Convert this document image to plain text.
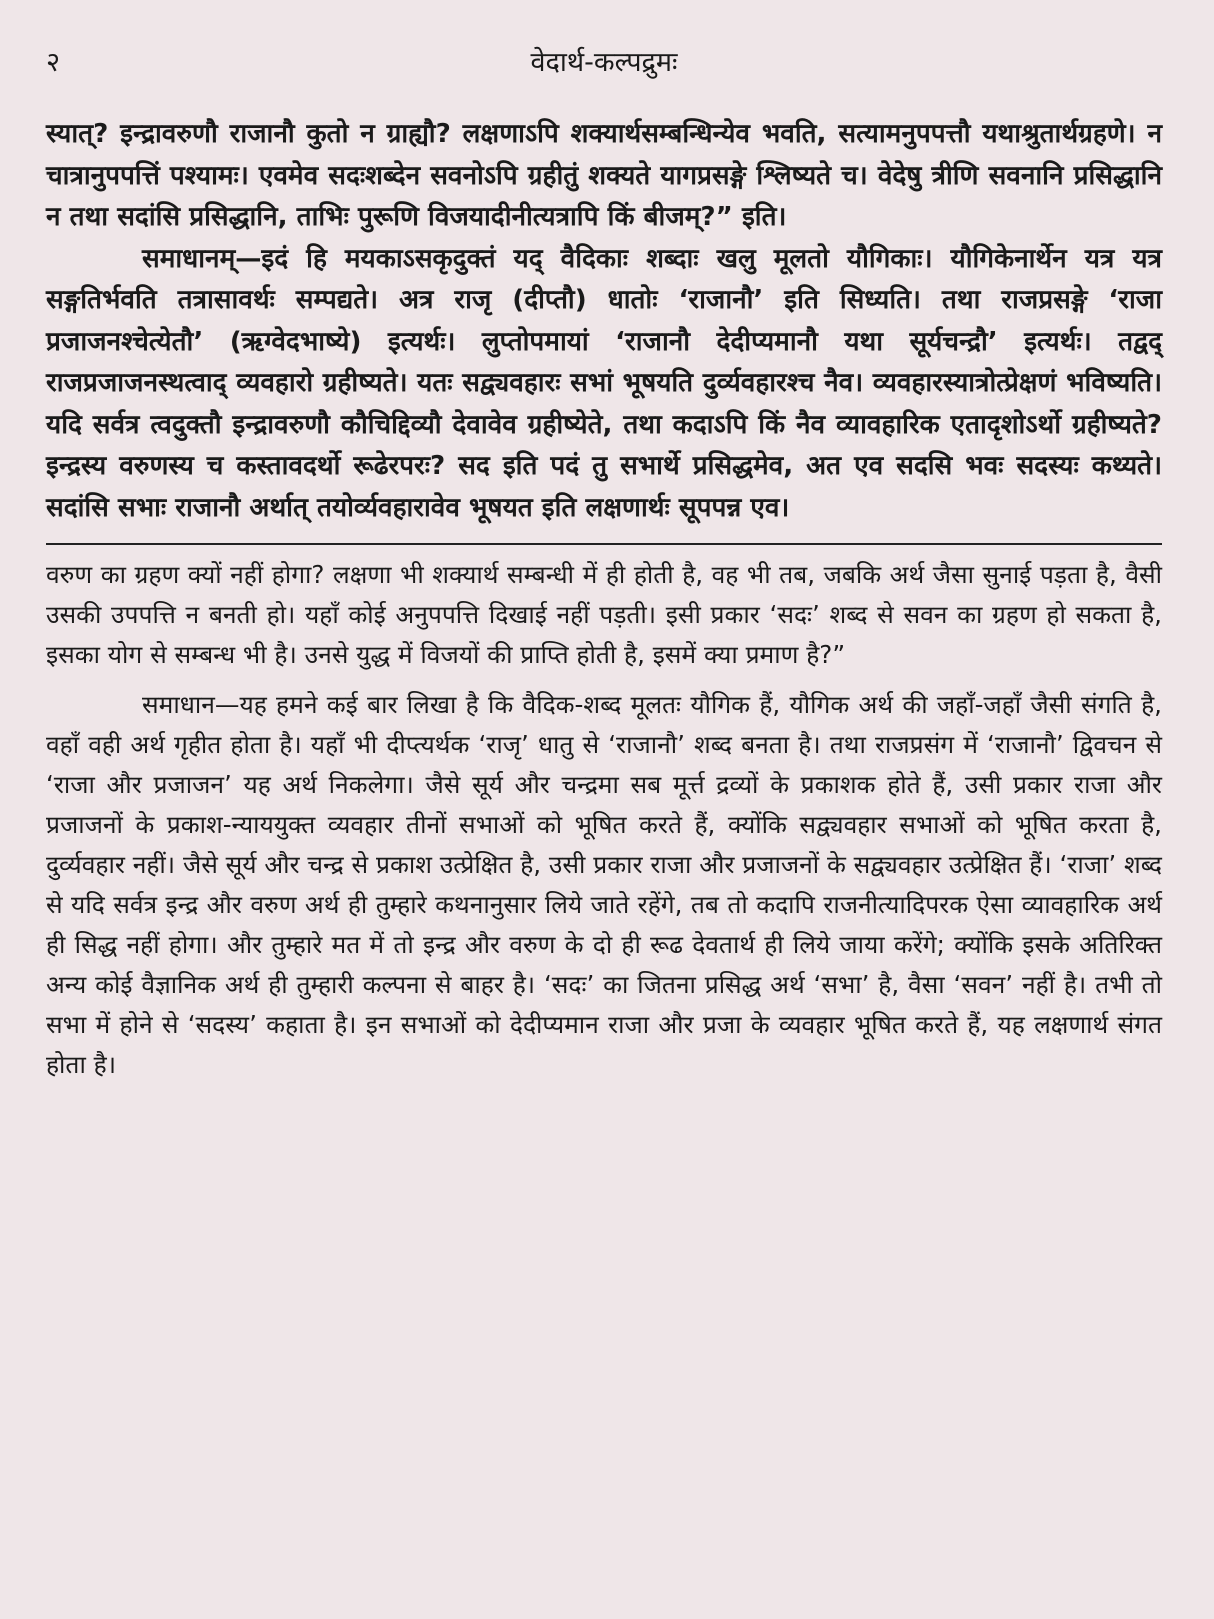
२	वेदार्थ-कल्पद्रुमः

स्यात्? इन्द्रावरुणौ राजानौ कुतो न ग्राह्यौ? लक्षणाऽपि शक्यार्थसम्बन्धिन्येव भवति, सत्यामनुपपत्तौ यथाश्रुतार्थग्रहणे। न चात्रानुपपत्तिं पश्यामः। एवमेव सदःशब्देन सवनोऽपि ग्रहीतुं शक्यते यागप्रसङ्गे श्लिष्यते च। वेदेषु त्रीणि सवनानि प्रसिद्धानि न तथा सदांसि प्रसिद्धानि, ताभिः पुरूणि विजयादीनीत्यत्रापि किं बीजम्?” इति।

समाधानम्—इदं हि मयकाऽसकृदुक्तं यद् वैदिकाः शब्दाः खलु मूलतो यौगिकाः। यौगिकेनार्थेन यत्र यत्र सङ्गतिर्भवति तत्रासावर्थः सम्पद्यते। अत्र राजृ (दीप्तौ) धातोः ‘राजानौ’ इति सिध्यति। तथा राजप्रसङ्गे ‘राजा प्रजाजनश्चेत्येतौ’ (ऋग्वेदभाष्ये) इत्यर्थः। लुप्तोपमायां ‘राजानौ देदीप्यमानौ यथा सूर्यचन्द्रौ’ इत्यर्थः। तद्वद् राजप्रजाजनस्थत्वाद् व्यवहारो ग्रहीष्यते। यतः सद्व्यवहारः सभां भूषयति दुर्व्यवहारश्च नैव। व्यवहारस्यात्रोत्प्रेक्षणं भविष्यति। यदि सर्वत्र त्वदुक्तौ इन्द्रावरुणौ कौचिद्दिव्यौ देवावेव ग्रहीष्येते, तथा कदाऽपि किं नैव व्यावहारिक एतादृशोऽर्थो ग्रहीष्यते? इन्द्रस्य वरुणस्य च कस्तावदर्थो रूढेरपरः? सद इति पदं तु सभार्थे प्रसिद्धमेव, अत एव सदसि भवः सदस्यः कथ्यते। सदांसि सभाः राजानौ अर्थात् तयोर्व्यवहारावेव भूषयत इति लक्षणार्थः सूपपन्न एव।

वरुण का ग्रहण क्यों नहीं होगा? लक्षणा भी शक्यार्थ सम्बन्धी में ही होती है, वह भी तब, जबकि अर्थ जैसा सुनाई पड़ता है, वैसी उसकी उपपत्ति न बनती हो। यहाँ कोई अनुपपत्ति दिखाई नहीं पड़ती। इसी प्रकार ‘सदः’ शब्द से सवन का ग्रहण हो सकता है, इसका योग से सम्बन्ध भी है। उनसे युद्ध में विजयों की प्राप्ति होती है, इसमें क्या प्रमाण है?”

समाधान—यह हमने कई बार लिखा है कि वैदिक-शब्द मूलतः यौगिक हैं, यौगिक अर्थ की जहाँ-जहाँ जैसी संगति है, वहाँ वही अर्थ गृहीत होता है। यहाँ भी दीप्त्यर्थक ‘राजृ’ धातु से ‘राजानौ’ शब्द बनता है। तथा राजप्रसंग में ‘राजानौ’ द्विवचन से ‘राजा और प्रजाजन’ यह अर्थ निकलेगा। जैसे सूर्य और चन्द्रमा सब मूर्त्त द्रव्यों के प्रकाशक होते हैं, उसी प्रकार राजा और प्रजाजनों के प्रकाश-न्याययुक्त व्यवहार तीनों सभाओं को भूषित करते हैं, क्योंकि सद्व्यवहार सभाओं को भूषित करता है, दुर्व्यवहार नहीं। जैसे सूर्य और चन्द्र से प्रकाश उत्प्रेक्षित है, उसी प्रकार राजा और प्रजाजनों के सद्व्यवहार उत्प्रेक्षित हैं। ‘राजा’ शब्द से यदि सर्वत्र इन्द्र और वरुण अर्थ ही तुम्हारे कथनानुसार लिये जाते रहेंगे, तब तो कदापि राजनीत्यादिपरक ऐसा व्यावहारिक अर्थ ही सिद्ध नहीं होगा। और तुम्हारे मत में तो इन्द्र और वरुण के दो ही रूढ देवतार्थ ही लिये जाया करेंगे; क्योंकि इसके अतिरिक्त अन्य कोई वैज्ञानिक अर्थ ही तुम्हारी कल्पना से बाहर है। ‘सदः’ का जितना प्रसिद्ध अर्थ ‘सभा’ है, वैसा ‘सवन’ नहीं है। तभी तो सभा में होने से ‘सदस्य’ कहाता है। इन सभाओं को देदीप्यमान राजा और प्रजा के व्यवहार भूषित करते हैं, यह लक्षणार्थ संगत होता है।
